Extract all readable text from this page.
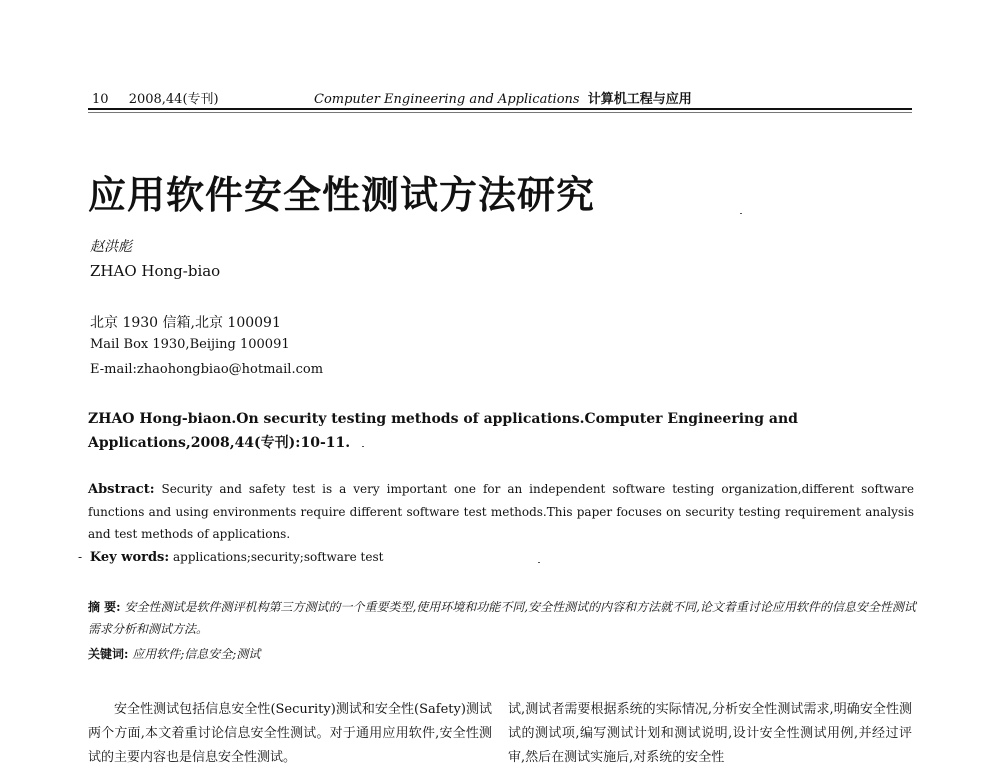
10 2008,44(专刊)	Computer Engineering and Applications 计算机工程与应用
应用软件安全性测试方法研究
赵洪彪
ZHAO Hong-biao
北京 1930 信箱,北京 100091
Mail Box 1930,Beijing 100091
E-mail:zhaohongbiao@hotmail.com
ZHAO Hong-biaon.On security testing methods of applications.Computer Engineering and Applications,2008,44(专刊):10-11.
Abstract: Security and safety test is a very important one for an independent software testing organization,different software functions and using environments require different software test methods.This paper focuses on security testing requirement analysis and test methods of applications.
- Key words: applications;security;software test
摘 要: 安全性测试是软件测评机构第三方测试的一个重要类型,使用环境和功能不同,安全性测试的内容和方法就不同,论文着重讨论应用软件的信息安全性测试需求分析和测试方法。
关键词: 应用软件;信息安全;测试
安全性测试包括信息安全性(Security)测试和安全性(Safety)测试两个方面,本文着重讨论信息安全性测试。对于通用应用软件,安全性测试的主要内容也是信息安全性测试。
试,测试者需要根据系统的实际情况,分析安全性测试需求,明确安全性测试的测试项,编写测试计划和测试说明,设计安全性测试用例,并经过评审,然后在测试实施后,对系统的安全性
